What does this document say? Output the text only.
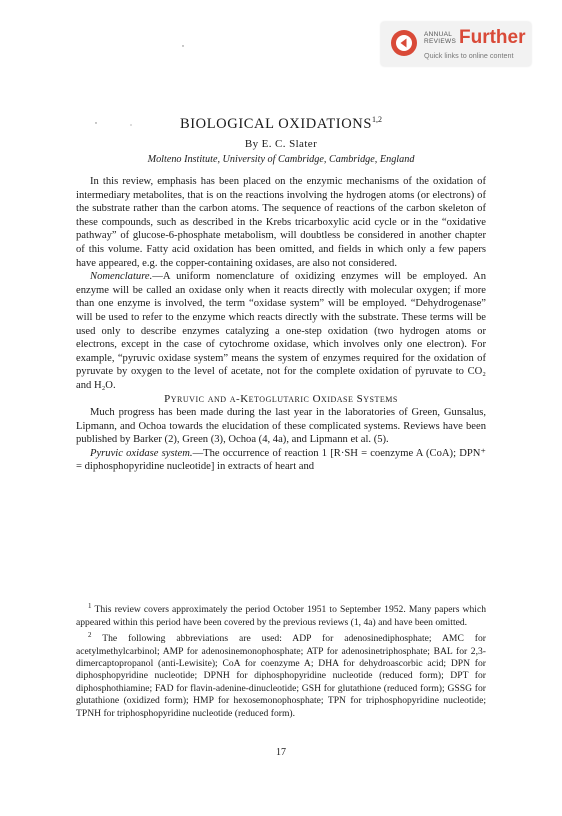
ANNUAL
REVIEWS Further
Quick links to online content
BIOLOGICAL OXIDATIONS$^{1,2}$
By E. C. Slater
Molteno Institute, University of Cambridge, Cambridge, England

In this review, emphasis has been placed on the enzymic mechanisms of the oxidation of intermediary metabolites, that is on the reactions involving the hydrogen atoms (or electrons) of the substrate rather than the carbon atoms. The sequence of reactions of the carbon skeleton of these compounds, such as described in the Krebs tricarboxylic acid cycle or in the “oxidative pathway” of glucose-6-phosphate metabolism, will doubtless be considered in another chapter of this volume. Fatty acid oxidation has been omitted, and fields in which only a few papers have appeared, e.g. the copper-containing oxidases, are also not considered.

Nomenclature.—A uniform nomenclature of oxidizing enzymes will be employed. An enzyme will be called an oxidase only when it reacts directly with molecular oxygen; if more than one enzyme is involved, the term “oxidase system” will be employed. “Dehydrogenase” will be used to refer to the enzyme which reacts directly with the substrate. These terms will be used only to describe enzymes catalyzing a one-step oxidation (two hydrogen atoms or electrons, except in the case of cytochrome oxidase, which involves only one electron). For example, “pyruvic oxidase system” means the system of enzymes required for the oxidation of pyruvate by oxygen to the level of acetate, not for the complete oxidation of pyruvate to CO₂ and H₂O.

Pyruvic and α-Ketoglutaric Oxidase Systems

Much progress has been made during the last year in the laboratories of Green, Gunsalus, Lipmann, and Ochoa towards the elucidation of these complicated systems. Reviews have been published by Barker (2), Green (3), Ochoa (4, 4a), and Lipmann et al. (5).

Pyruvic oxidase system.—The occurrence of reaction 1 [R·SH = coenzyme A (CoA); DPN⁺ = diphosphopyridine nucleotide] in extracts of heart and

$^1$ This review covers approximately the period October 1951 to September 1952. Many papers which appeared within this period have been covered by the previous reviews (1, 4a) and have been omitted.

$^2$ The following abbreviations are used: ADP for adenosinediphosphate; AMC for acetylmethylcarbinol; AMP for adenosinemonophosphate; ATP for adenosinetriphosphate; BAL for 2,3-dimercaptopropanol (anti-Lewisite); CoA for coenzyme A; DHA for dehydroascorbic acid; DPN for diphosphopyridine nucleotide; DPNH for diphosphopyridine nucleotide (reduced form); DPT for diphosphothiamine; FAD for flavin-adenine-dinucleotide; GSH for glutathione (reduced form); GSSG for glutathione (oxidized form); HMP for hexosemonophosphate; TPN for triphosphopyridine nucleotide; TPNH for triphosphopyridine nucleotide (reduced form).

17
